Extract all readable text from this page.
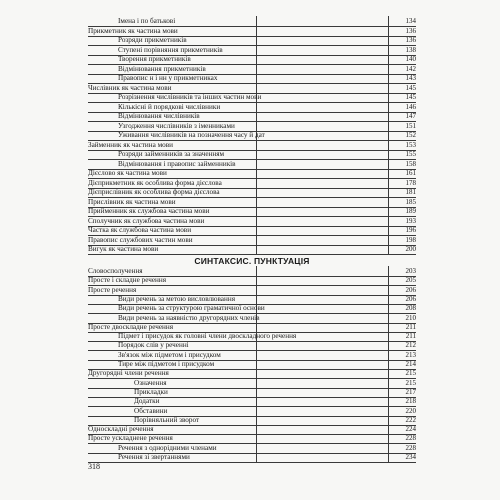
Імена і по батькові	134
Прикметник як частина мови	136
Розряди прикметників	136
Ступені порівняння прикметників	138
Творення прикметників	140
Відмінювання прикметників	142
Правопис н і нн у прикметниках	143
Числівник як частина мови	145
Розрізнення числівників та інших частин мови	145
Кількісні й порядкові числівники	146
Відмінювання числівників	147
Узгодження числівників з іменниками	151
Уживання числівників на позначення часу й дат	152
Займенник як частина мови	153
Розряди займенників за значенням	155
Відмінювання і правопис займенників	158
Дієслово як частина мови	161
Дієприкметник як особлива форма дієслова	178
Дієприслівник як особлива форма дієслова	181
Прислівник як частина мови	185
Прийменник як службова частина мови	189
Сполучник як службова частина мови	193
Частка як службова частина мови	196
Правопис службових частин мови	198
Вигук як частина мови	200
СИНТАКСИС. ПУНКТУАЦІЯ
Словосполучення	203
Просте і складне речення	205
Просте речення	206
Види речень за метою висловлювання	206
Види речень за структурою граматичної основи	208
Види речень за наявністю другорядних членів	210
Просте двоскладне речення	211
Підмет і присудок як головні члени двоскладного речення	211
Порядок слів у реченні	212
Зв'язок між підметом і присудком	213
Тире між підметом і присудком	214
Другорядні члени речення	215
Означення	215
Прикладки	217
Додатки	218
Обставини	220
Порівняльний зворот	222
Односкладні речення	224
Просте ускладнене речення	228
Речення з однорідними членами	228
Речення зі звертаннями	234
318
